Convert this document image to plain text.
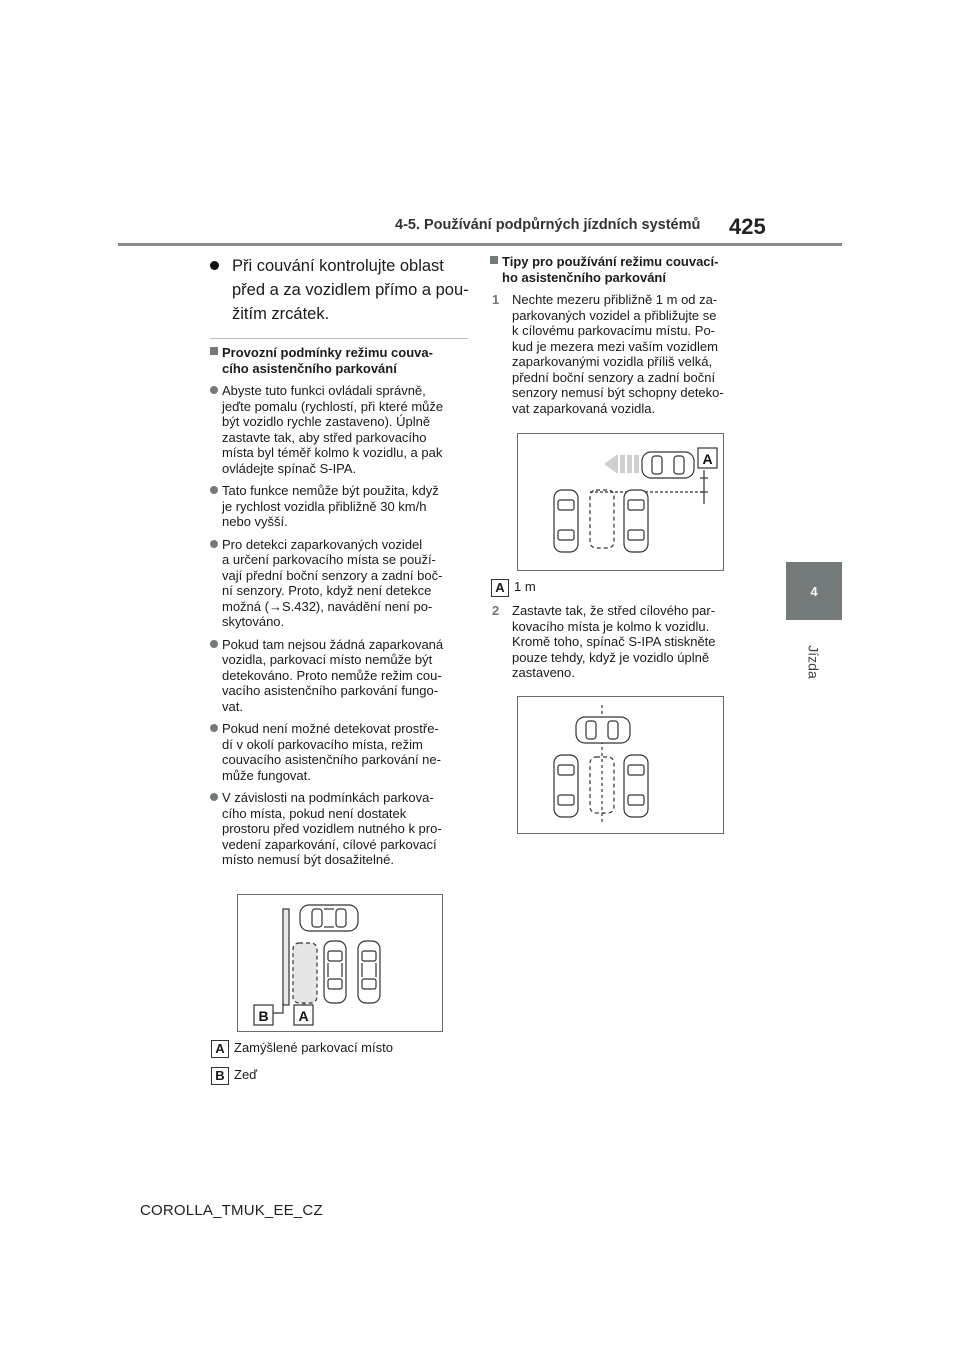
4-5. Používání podpůrných jízdních systémů 425
4
Jízda
Při couvání kontrolujte oblast
před a za vozidlem přímo a pou-
žitím zrcátek.
Provozní podmínky režimu couva-
cího asistenčního parkování
Abyste tuto funkci ovládali správně,
jeďte pomalu (rychlostí, při které může
být vozidlo rychle zastaveno). Úplně
zastavte tak, aby střed parkovacího
místa byl téměř kolmo k vozidlu, a pak
ovládejte spínač S-IPA.
Tato funkce nemůže být použita, když
je rychlost vozidla přibližně 30 km/h
nebo vyšší.
Pro detekci zaparkovaných vozidel
a určení parkovacího místa se použí-
vají přední boční senzory a zadní boč-
ní senzory. Proto, když není detekce
možná (→S.432), navádění není po-
skytováno.
Pokud tam nejsou žádná zaparkovaná
vozidla, parkovací místo nemůže být
detekováno. Proto nemůže režim cou-
vacího asistenčního parkování fungo-
vat.
Pokud není možné detekovat prostře-
dí v okolí parkovacího místa, režim
couvacího asistenčního parkování ne-
může fungovat.
V závislosti na podmínkách parkova-
cího místa, pokud není dostatek
prostoru před vozidlem nutného k pro-
vedení zaparkování, cílové parkovací
místo nemusí být dosažitelné.
B A
A Zamýšlené parkovací místo
B Zeď
Tipy pro používání režimu couvací-
ho asistenčního parkování
1 Nechte mezeru přibližně 1 m od za-
parkovaných vozidel a přibližujte se
k cílovému parkovacímu místu. Po-
kud je mezera mezi vaším vozidlem
zaparkovanými vozidla příliš velká,
přední boční senzory a zadní boční
senzory nemusí být schopny deteko-
vat zaparkovaná vozidla.
A
A 1 m
2 Zastavte tak, že střed cílového par-
kovacího místa je kolmo k vozidlu.
Kromě toho, spínač S-IPA stiskněte
pouze tehdy, když je vozidlo úplně
zastaveno.
COROLLA_TMUK_EE_CZ
